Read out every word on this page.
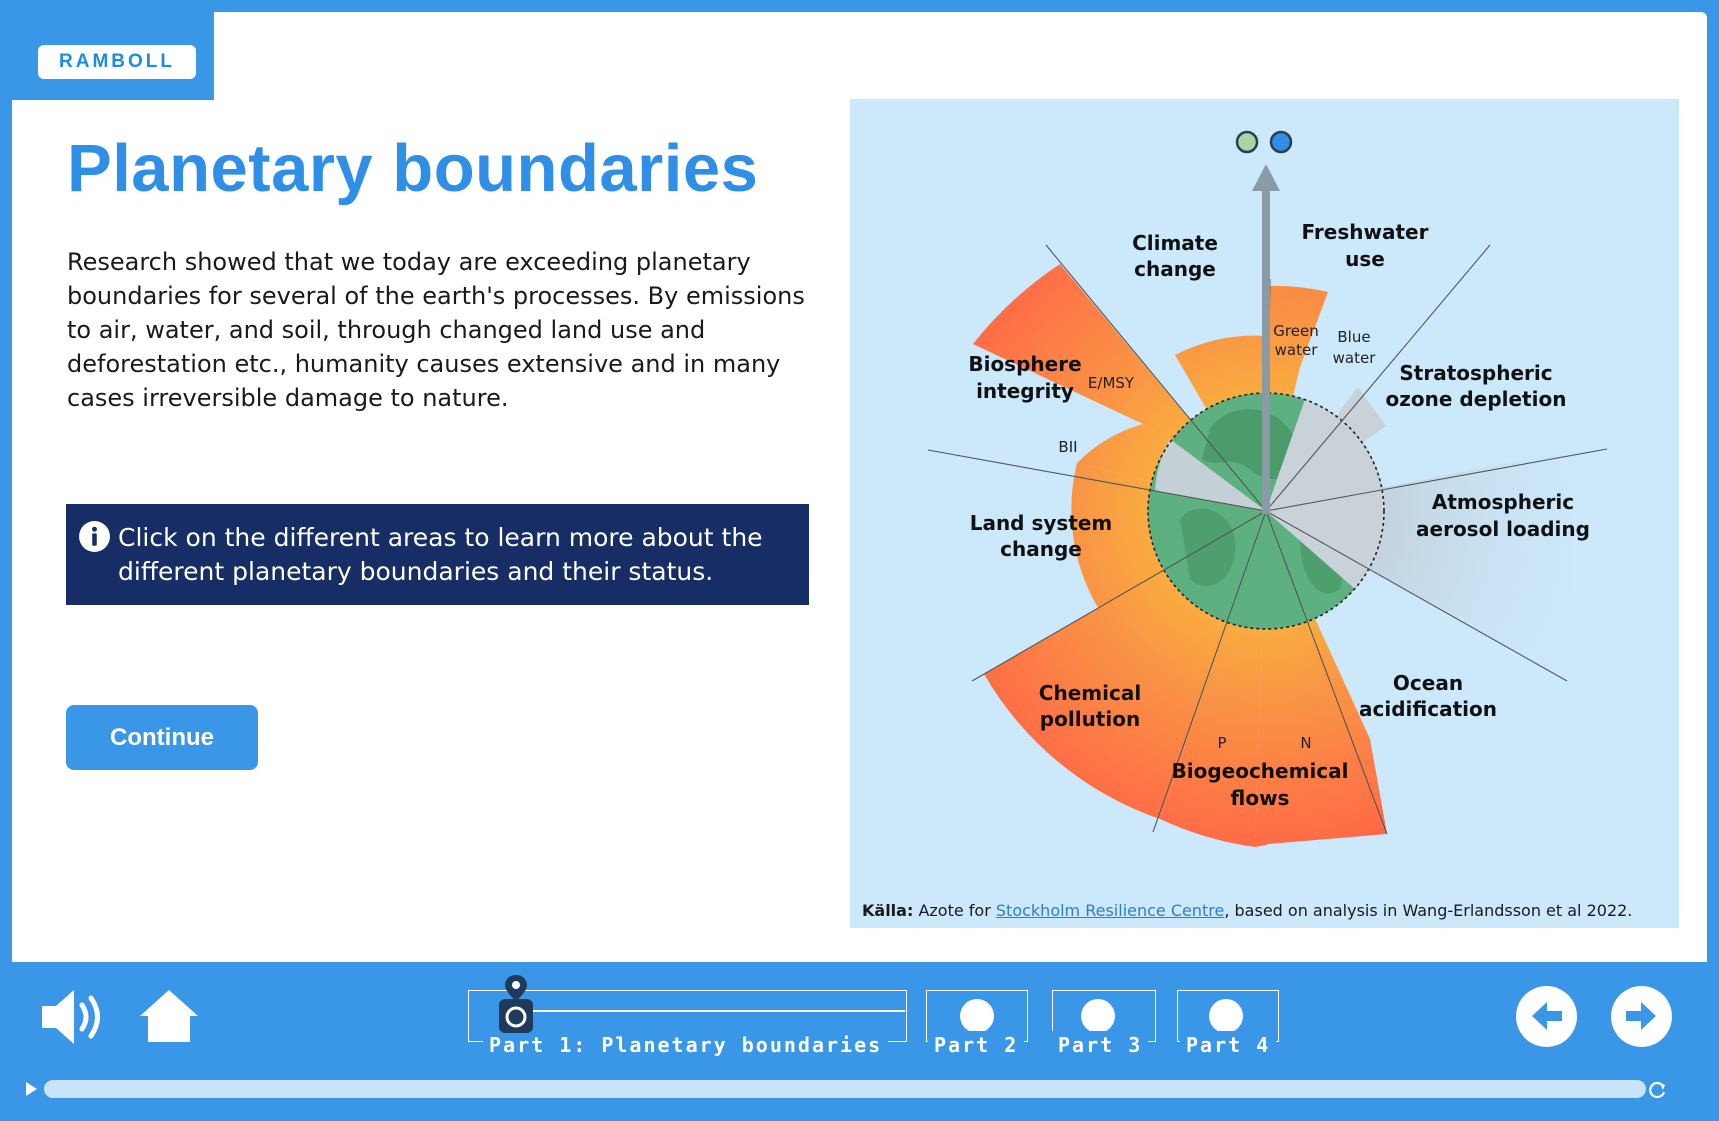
RAMBOLL
Planetary boundaries

Research showed that we today are exceeding planetary boundaries for several of the earth's processes. By emissions to air, water, and soil, through changed land use and deforestation etc., humanity causes extensive and in many cases irreversible damage to nature.

Click on the different areas to learn more about the different planetary boundaries and their status.
Continue
Climate
change
Freshwater
use
Stratospheric
ozone depletion
Atmospheric
aerosol loading
Ocean
acidification
Biogeochemical
flows
Chemical
pollution
Land system
change
Biosphere
integrity
Green
water
Blue
water
E/MSY
BII
P	N
Källa: Azote for Stockholm Resilience Centre, based on analysis in Wang-Erlandsson et al 2022.
Part 1: Planetary boundaries	Part 2	Part 3	Part 4
